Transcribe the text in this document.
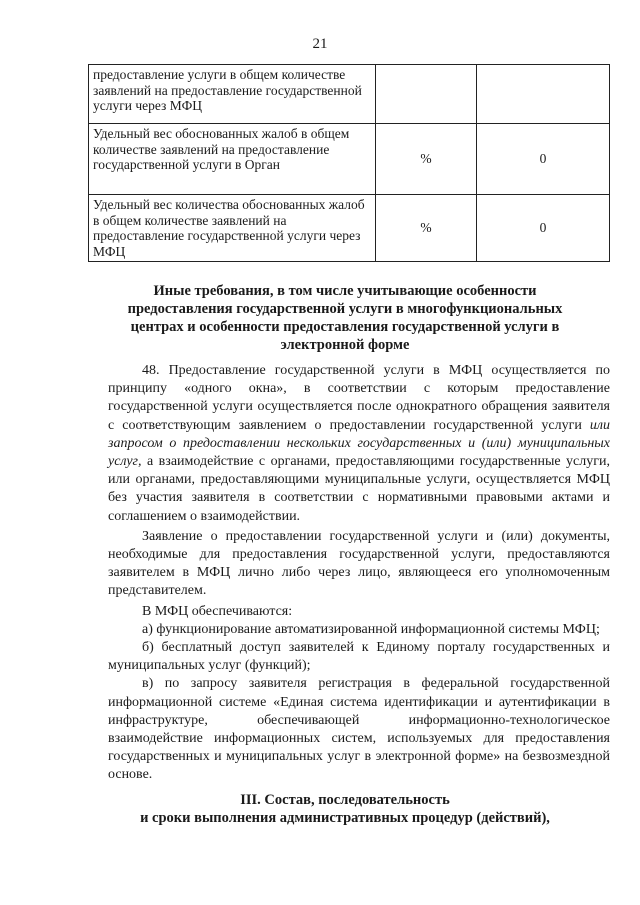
21
предоставление услуги в общем количестве заявлений на предоставление государственной услуги через МФЦ		
Удельный вес обоснованных жалоб в общем количестве заявлений на предоставление государственной услуги в Орган	%	0
Удельный вес количества обоснованных жалоб в общем количестве заявлений на предоставление государственной услуги через МФЦ	%	0
Иные требования, в том числе учитывающие особенности предоставления государственной услуги в многофункциональных центрах и особенности предоставления государственной услуги в электронной форме

48. Предоставление государственной услуги в МФЦ осуществляется по принципу «одного окна», в соответствии с которым предоставление государственной услуги осуществляется после однократного обращения заявителя с соответствующим заявлением о предоставлении государственной услуги или запросом о предоставлении нескольких государственных и (или) муниципальных услуг, а взаимодействие с органами, предоставляющими государственные услуги, или органами, предоставляющими муниципальные услуги, осуществляется МФЦ без участия заявителя в соответствии с нормативными правовыми актами и соглашением о взаимодействии.

Заявление о предоставлении государственной услуги и (или) документы, необходимые для предоставления государственной услуги, предоставляются заявителем в МФЦ лично либо через лицо, являющееся его уполномоченным представителем.

В МФЦ обеспечиваются:

а) функционирование автоматизированной информационной системы МФЦ;

б) бесплатный доступ заявителей к Единому порталу государственных и муниципальных услуг (функций);

в) по запросу заявителя регистрация в федеральной государственной информационной системе «Единая система идентификации и аутентификации в инфраструктуре, обеспечивающей информационно-технологическое взаимодействие информационных систем, используемых для предоставления государственных и муниципальных услуг в электронной форме» на безвозмездной основе.

III. Состав, последовательность
и сроки выполнения административных процедур (действий),
